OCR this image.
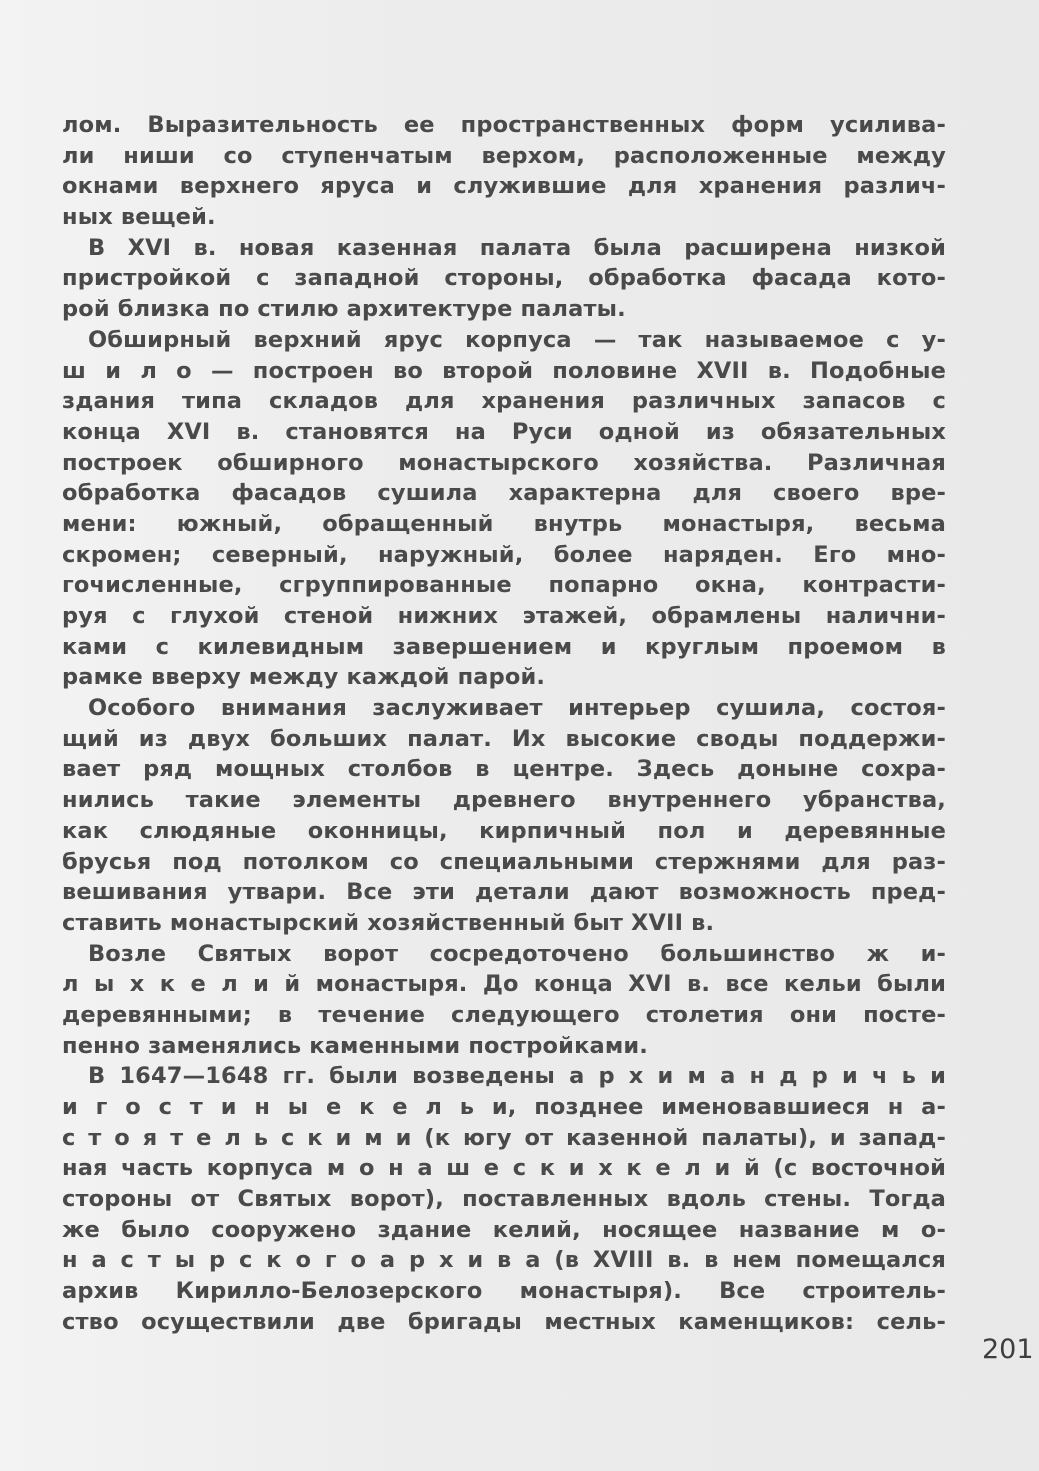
лом. Выразительность ее пространственных форм усилива-
ли ниши со ступенчатым верхом, расположенные между
окнами верхнего яруса и служившие для хранения различ-
ных вещей.
В XVI в. новая казенная палата была расширена низкой
пристройкой с западной стороны, обработка фасада кото-
рой близка по стилю архитектуре палаты.
Обширный верхний ярус корпуса — так называемое с у-
ш и л о — построен во второй половине XVII в. Подобные
здания типа складов для хранения различных запасов с
конца XVI в. становятся на Руси одной из обязательных
построек обширного монастырского хозяйства. Различная
обработка фасадов сушила характерна для своего вре-
мени: южный, обращенный внутрь монастыря, весьма
скромен; северный, наружный, более наряден. Его мно-
гочисленные, сгруппированные попарно окна, контрасти-
руя с глухой стеной нижних этажей, обрамлены налични-
ками с килевидным завершением и круглым проемом в
рамке вверху между каждой парой.
Особого внимания заслуживает интерьер сушила, состоя-
щий из двух больших палат. Их высокие своды поддержи-
вает ряд мощных столбов в центре. Здесь доныне сохра-
нились такие элементы древнего внутреннего убранства,
как слюдяные оконницы, кирпичный пол и деревянные
брусья под потолком со специальными стержнями для раз-
вешивания утвари. Все эти детали дают возможность пред-
ставить монастырский хозяйственный быт XVII в.
Возле Святых ворот сосредоточено большинство ж и-
л ы х к е л и й монастыря. До конца XVI в. все кельи были
деревянными; в течение следующего столетия они посте-
пенно заменялись каменными постройками.
В 1647—1648 гг. были возведены а р х и м а н д р и ч ь и
и г о с т и н ы е к е л ь и, позднее именовавшиеся н а-
с т о я т е л ь с к и м и (к югу от казенной палаты), и запад-
ная часть корпуса м о н а ш е с к и х к е л и й (с восточной
стороны от Святых ворот), поставленных вдоль стены. Тогда
же было сооружено здание келий, носящее название м о-
н а с т ы р с к о г о а р х и в а (в XVIII в. в нем помещался
архив Кирилло-Белозерского монастыря). Все строитель-
ство осуществили две бригады местных каменщиков: сель-
201
